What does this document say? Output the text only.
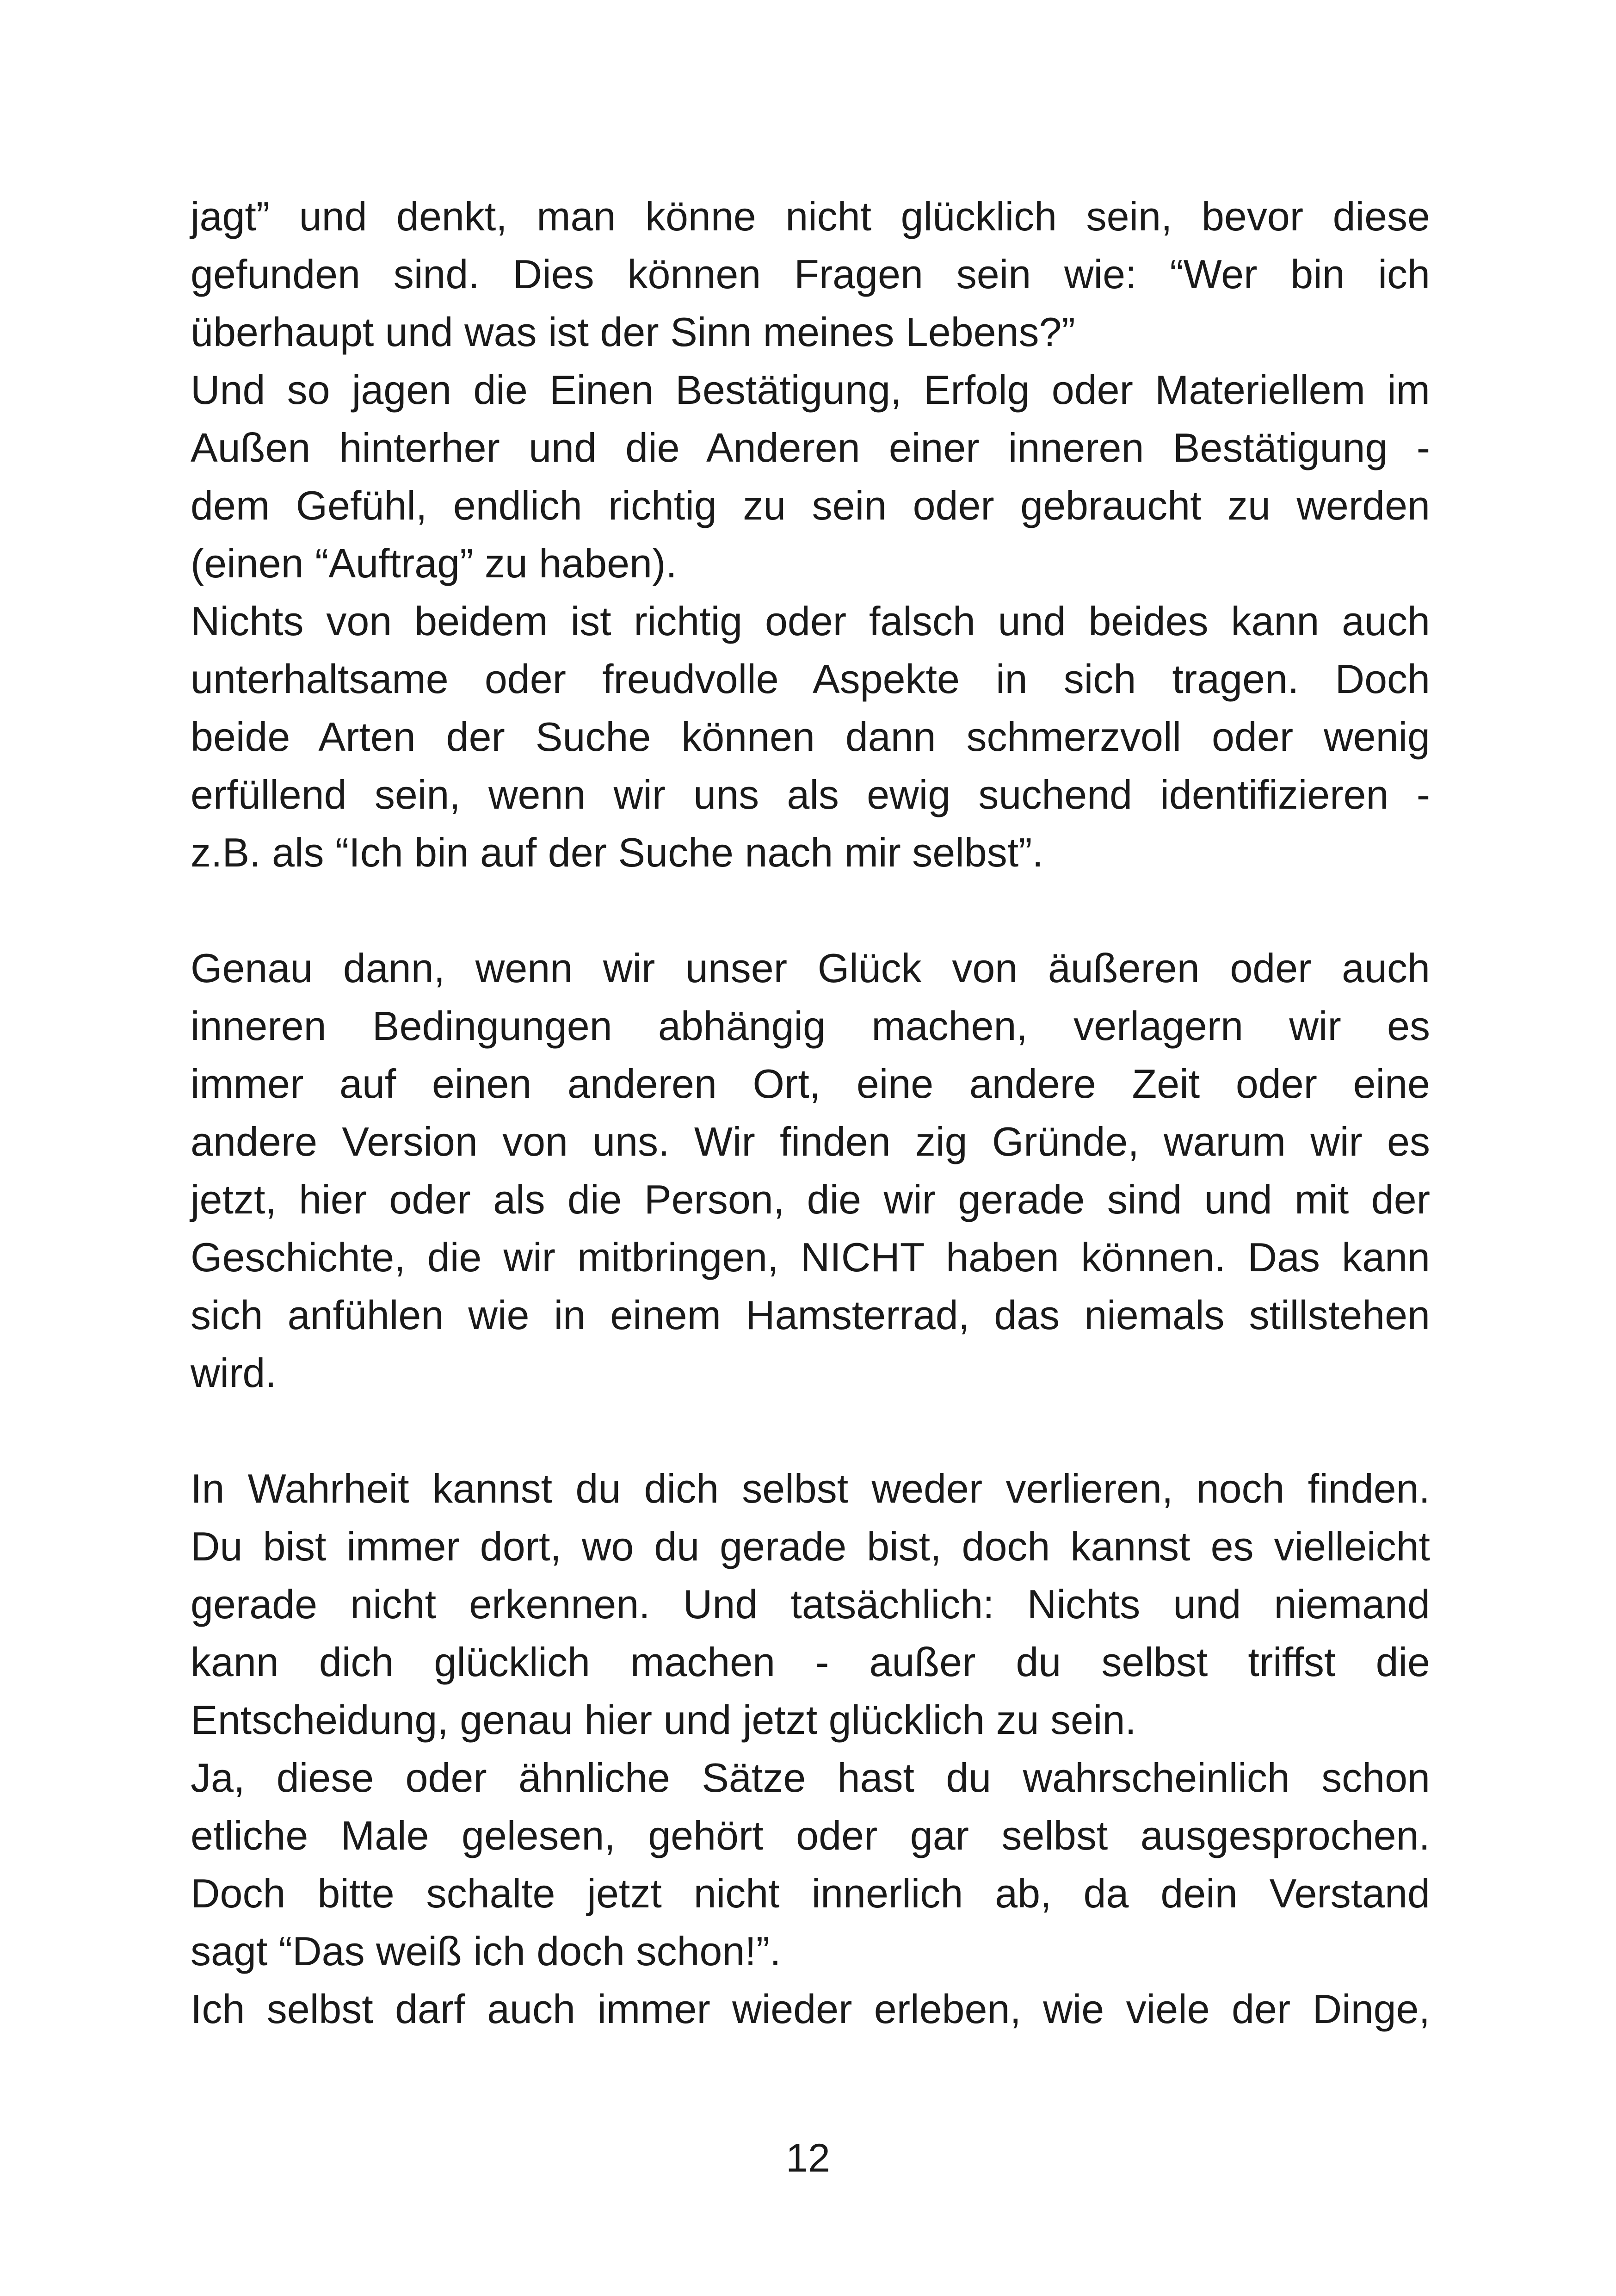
jagt” und denkt, man könne nicht glücklich sein, bevor diese
gefunden sind. Dies können Fragen sein wie: “Wer bin ich
überhaupt und was ist der Sinn meines Lebens?”
Und so jagen die Einen Bestätigung, Erfolg oder Materiellem im
Außen hinterher und die Anderen einer inneren Bestätigung -
dem Gefühl, endlich richtig zu sein oder gebraucht zu werden
(einen “Auftrag” zu haben).
Nichts von beidem ist richtig oder falsch und beides kann auch
unterhaltsame oder freudvolle Aspekte in sich tragen. Doch
beide Arten der Suche können dann schmerzvoll oder wenig
erfüllend sein, wenn wir uns als ewig suchend identifizieren -
z.B. als “Ich bin auf der Suche nach mir selbst”.
Genau dann, wenn wir unser Glück von äußeren oder auch
inneren Bedingungen abhängig machen, verlagern wir es
immer auf einen anderen Ort, eine andere Zeit oder eine
andere Version von uns. Wir finden zig Gründe, warum wir es
jetzt, hier oder als die Person, die wir gerade sind und mit der
Geschichte, die wir mitbringen, NICHT haben können. Das kann
sich anfühlen wie in einem Hamsterrad, das niemals stillstehen
wird.
In Wahrheit kannst du dich selbst weder verlieren, noch finden.
Du bist immer dort, wo du gerade bist, doch kannst es vielleicht
gerade nicht erkennen. Und tatsächlich: Nichts und niemand
kann dich glücklich machen - außer du selbst triffst die
Entscheidung, genau hier und jetzt glücklich zu sein.
Ja, diese oder ähnliche Sätze hast du wahrscheinlich schon
etliche Male gelesen, gehört oder gar selbst ausgesprochen.
Doch bitte schalte jetzt nicht innerlich ab, da dein Verstand
sagt “Das weiß ich doch schon!”.
Ich selbst darf auch immer wieder erleben, wie viele der Dinge,
12
